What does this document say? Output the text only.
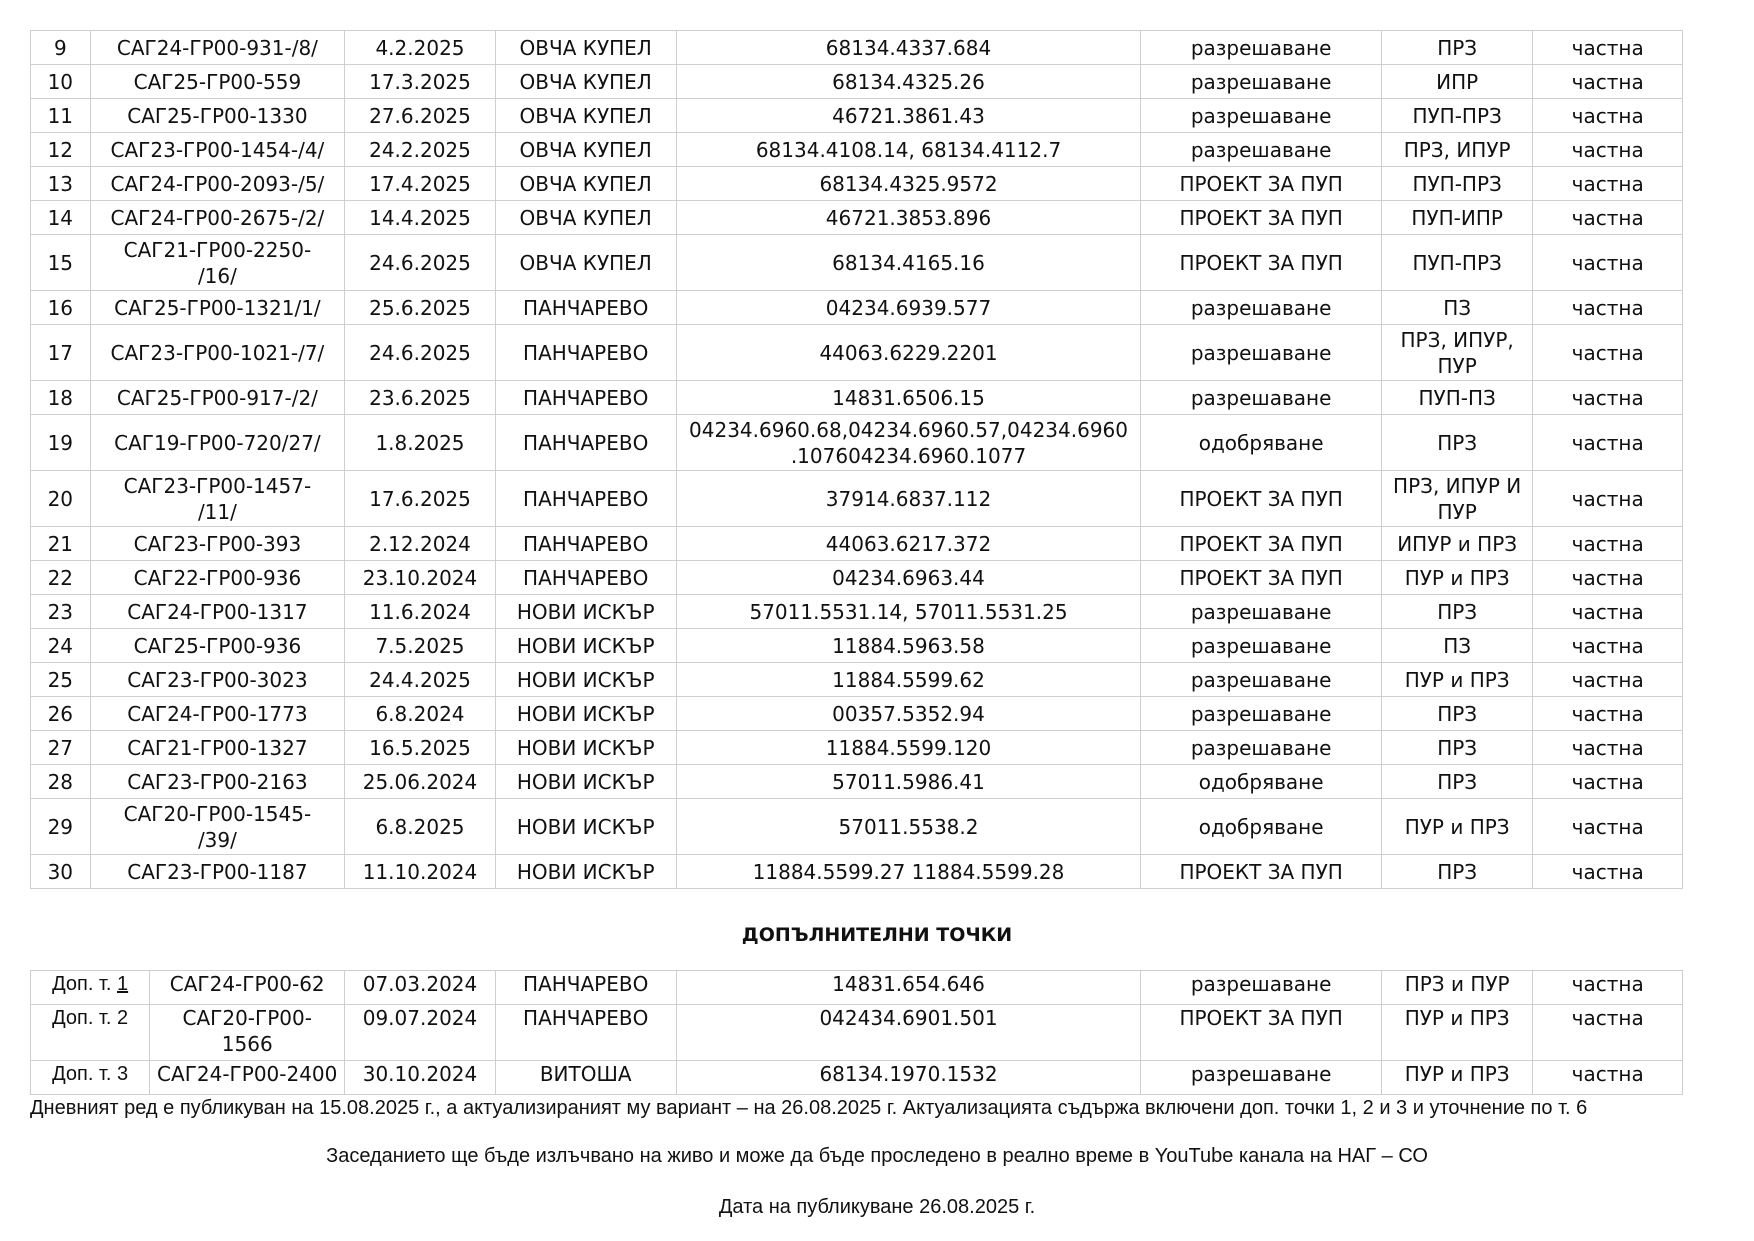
9	САГ24-ГР00-931-/8/	4.2.2025	ОВЧА КУПЕЛ	68134.4337.684	разрешаване	ПРЗ	частна
10	САГ25-ГР00-559	17.3.2025	ОВЧА КУПЕЛ	68134.4325.26	разрешаване	ИПР	частна
11	САГ25-ГР00-1330	27.6.2025	ОВЧА КУПЕЛ	46721.3861.43	разрешаване	ПУП-ПРЗ	частна
12	САГ23-ГР00-1454-/4/	24.2.2025	ОВЧА КУПЕЛ	68134.4108.14, 68134.4112.7	разрешаване	ПРЗ, ИПУР	частна
13	САГ24-ГР00-2093-/5/	17.4.2025	ОВЧА КУПЕЛ	68134.4325.9572	ПРОЕКТ ЗА ПУП	ПУП-ПРЗ	частна
14	САГ24-ГР00-2675-/2/	14.4.2025	ОВЧА КУПЕЛ	46721.3853.896	ПРОЕКТ ЗА ПУП	ПУП-ИПР	частна
15	САГ21-ГР00-2250-
/16/	24.6.2025	ОВЧА КУПЕЛ	68134.4165.16	ПРОЕКТ ЗА ПУП	ПУП-ПРЗ	частна
16	САГ25-ГР00-1321/1/	25.6.2025	ПАНЧАРЕВО	04234.6939.577	разрешаване	ПЗ	частна
17	САГ23-ГР00-1021-/7/	24.6.2025	ПАНЧАРЕВО	44063.6229.2201	разрешаване	ПРЗ, ИПУР,
ПУР	частна
18	САГ25-ГР00-917-/2/	23.6.2025	ПАНЧАРЕВО	14831.6506.15	разрешаване	ПУП-ПЗ	частна
19	САГ19-ГР00-720/27/	1.8.2025	ПАНЧАРЕВО	04234.6960.68,04234.6960.57,04234.6960
.107604234.6960.1077	одобряване	ПРЗ	частна
20	САГ23-ГР00-1457-
/11/	17.6.2025	ПАНЧАРЕВО	37914.6837.112	ПРОЕКТ ЗА ПУП	ПРЗ, ИПУР И
ПУР	частна
21	САГ23-ГР00-393	2.12.2024	ПАНЧАРЕВО	44063.6217.372	ПРОЕКТ ЗА ПУП	ИПУР и ПРЗ	частна
22	САГ22-ГР00-936	23.10.2024	ПАНЧАРЕВО	04234.6963.44	ПРОЕКТ ЗА ПУП	ПУР и ПРЗ	частна
23	САГ24-ГР00-1317	11.6.2024	НОВИ ИСКЪР	57011.5531.14, 57011.5531.25	разрешаване	ПРЗ	частна
24	САГ25-ГР00-936	7.5.2025	НОВИ ИСКЪР	11884.5963.58	разрешаване	ПЗ	частна
25	САГ23-ГР00-3023	24.4.2025	НОВИ ИСКЪР	11884.5599.62	разрешаване	ПУР и ПРЗ	частна
26	САГ24-ГР00-1773	6.8.2024	НОВИ ИСКЪР	00357.5352.94	разрешаване	ПРЗ	частна
27	САГ21-ГР00-1327	16.5.2025	НОВИ ИСКЪР	11884.5599.120	разрешаване	ПРЗ	частна
28	САГ23-ГР00-2163	25.06.2024	НОВИ ИСКЪР	57011.5986.41	одобряване	ПРЗ	частна
29	САГ20-ГР00-1545-
/39/	6.8.2025	НОВИ ИСКЪР	57011.5538.2	одобряване	ПУР и ПРЗ	частна
30	САГ23-ГР00-1187	11.10.2024	НОВИ ИСКЪР	11884.5599.27 11884.5599.28	ПРОЕКТ ЗА ПУП	ПРЗ	частна
ДОПЪЛНИТЕЛНИ ТОЧКИ
Доп. т. 1	САГ24-ГР00-62	07.03.2024	ПАНЧАРЕВО	14831.654.646	разрешаване	ПРЗ и ПУР	частна
Доп. т. 2	САГ20-ГР00-
1566	09.07.2024	ПАНЧАРЕВО	042434.6901.501	ПРОЕКТ ЗА ПУП	ПУР и ПРЗ	частна
Доп. т. 3	САГ24-ГР00-2400	30.10.2024	ВИТОША	68134.1970.1532	разрешаване	ПУР и ПРЗ	частна
Дневният ред е публикуван на 15.08.2025 г., а актуализираният му вариант – на 26.08.2025 г. Актуализацията съдържа включени доп. точки 1, 2 и 3 и уточнение по т. 6
Заседанието ще бъде излъчвано на живо и може да бъде проследено в реално време в YouTube канала на НАГ – СО
Дата на публикуване 26.08.2025 г.
